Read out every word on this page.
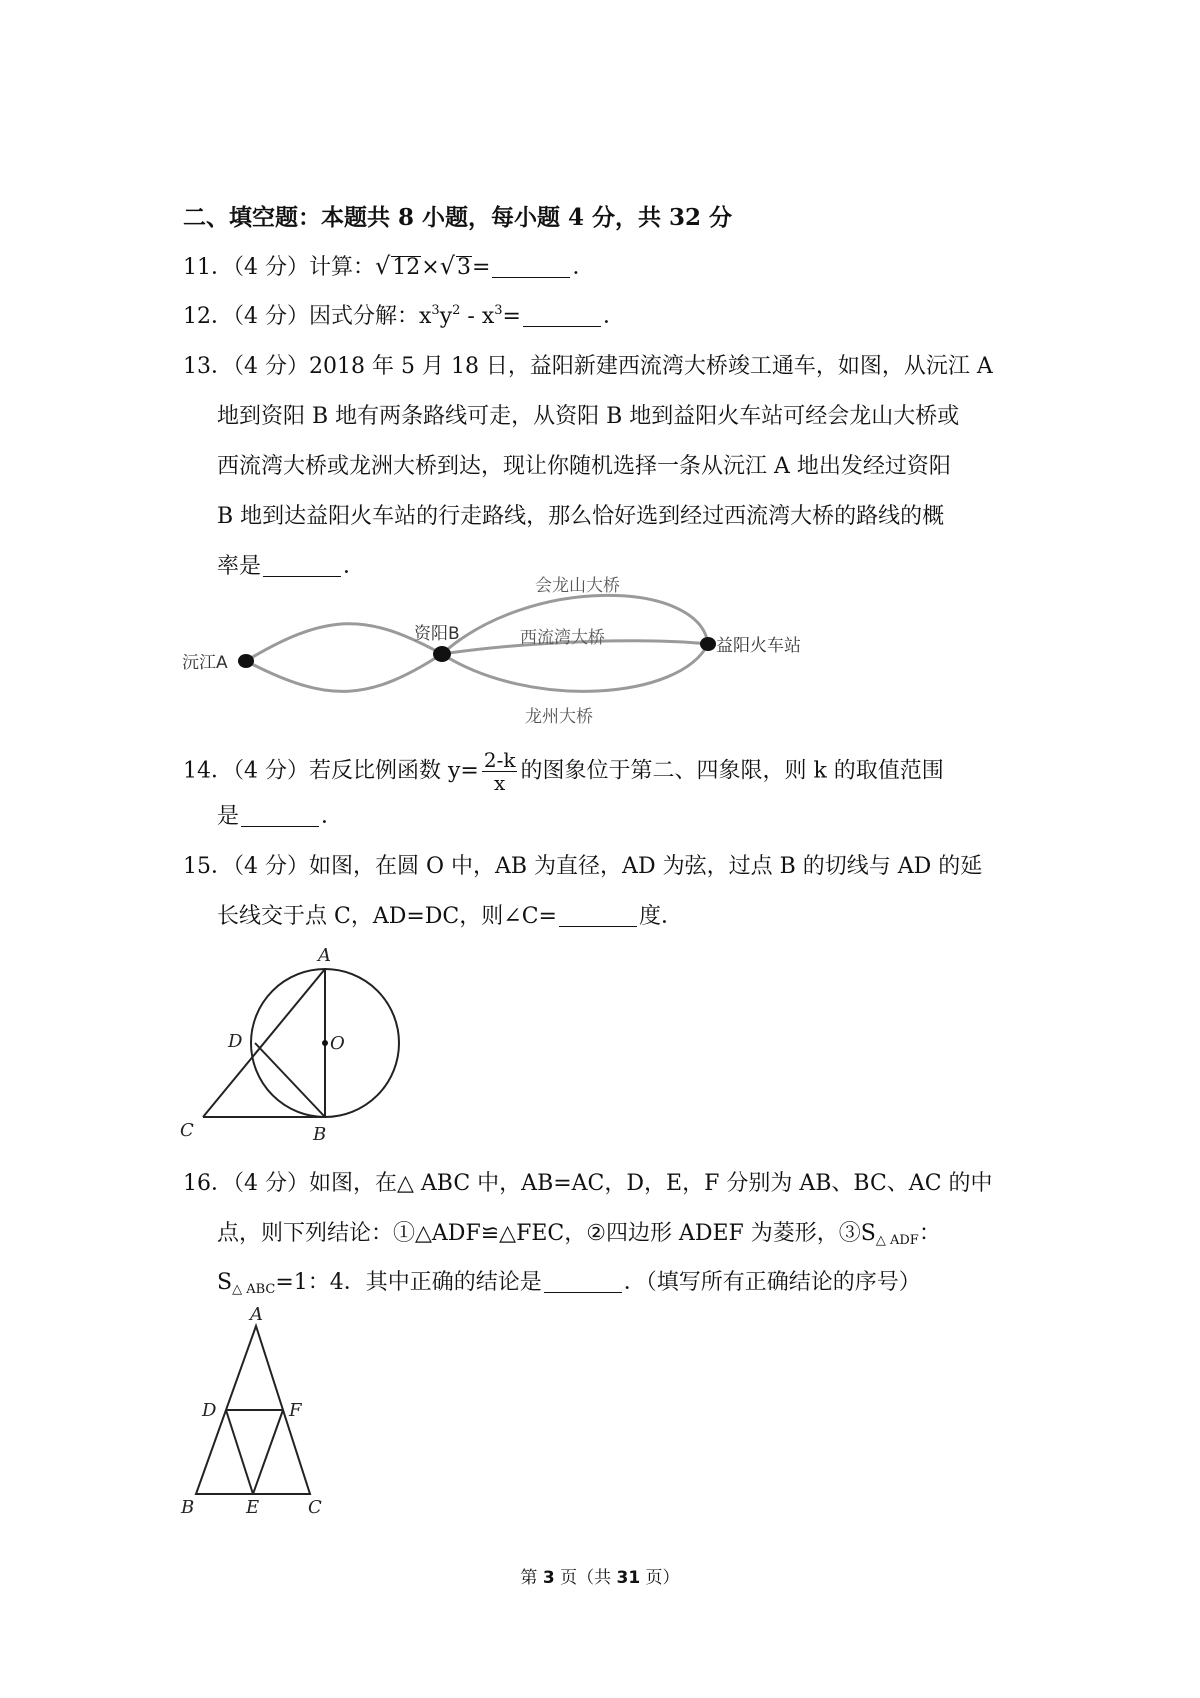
二、填空题：本题共 8 小题，每小题 4 分，共 32 分
11．（4 分）计算：√12×√3=	．
12．（4 分）因式分解：$x^3y^2 - x^3=$	．
13．（4 分）2018 年 5 月 18 日，益阳新建西流湾大桥竣工通车，如图，从沅江 A
地到资阳 B 地有两条路线可走，从资阳 B 地到益阳火车站可经会龙山大桥或
西流湾大桥或龙洲大桥到达，现让你随机选择一条从沅江 A 地出发经过资阳
B 地到达益阳火车站的行走路线，那么恰好选到经过西流湾大桥的路线的概
率是	．
沅江A
资阳B
益阳火车站
会龙山大桥
西流湾大桥
龙州大桥
14．（4 分）若反比例函数 $y= \frac{2-k}{x}$ 的图象位于第二、四象限，则 k 的取值范围
是	．
15．（4 分）如图，在圆 O 中，AB 为直径，AD 为弦，过点 B 的切线与 AD 的延
长线交于点 C，AD=DC，则∠C=	度．
A
O
D
C	B
16．（4 分）如图，在△ ABC 中，AB=AC，D，E，F 分别为 AB、BC、AC 的中
点，则下列结论：①△ADF≌△FEC，②四边形 ADEF 为菱形，$③S_{\triangle ADF}$：
$S_{\triangle ABC}=1$：4．其中正确的结论是	．（填写所有正确结论的序号）
A
D	F
B	E	C
第 3 页（共 31 页）
